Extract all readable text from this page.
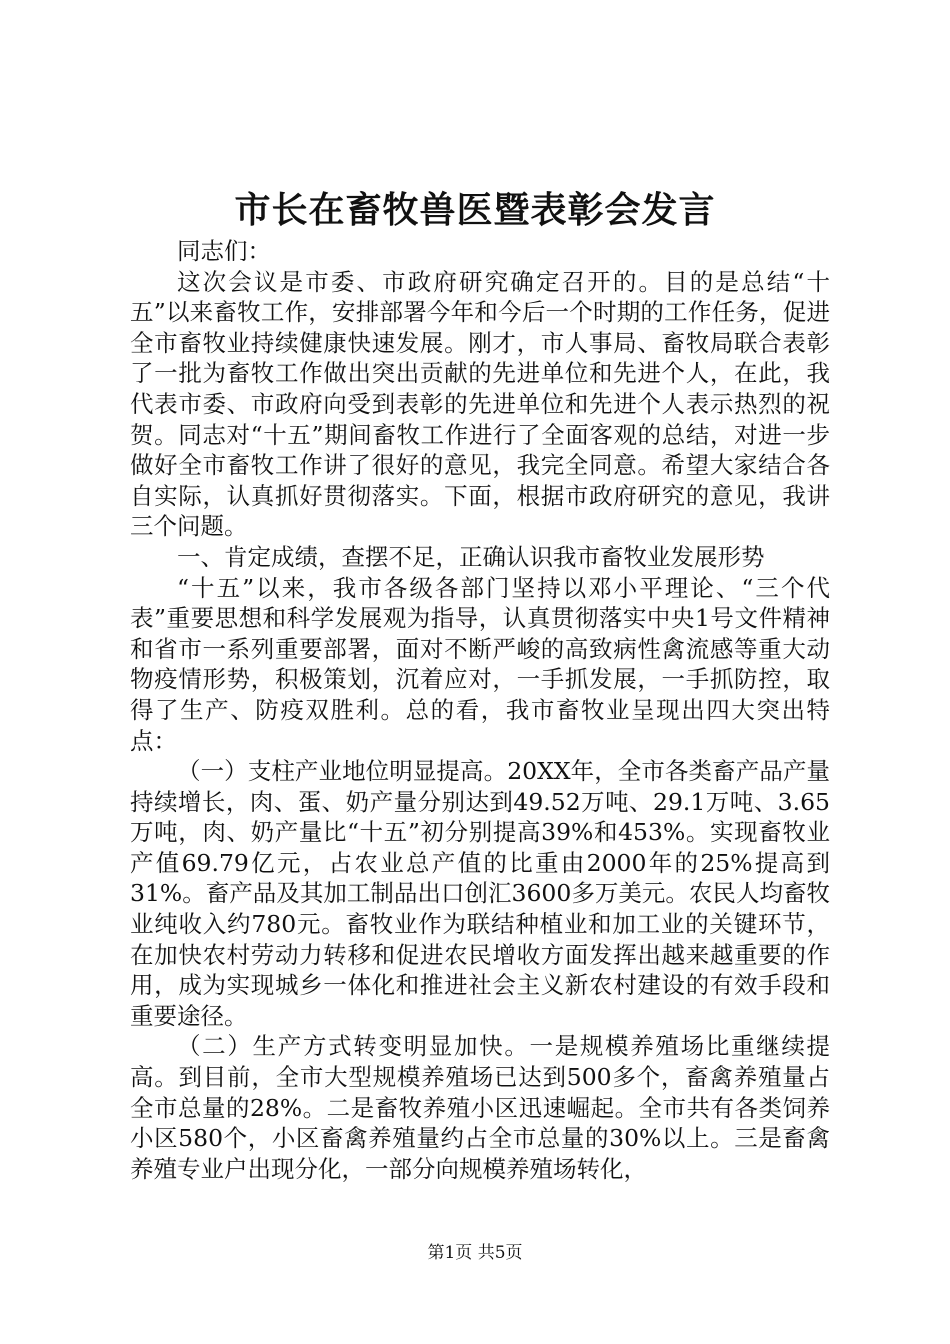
市长在畜牧兽医暨表彰会发言

同志们：

这次会议是市委、市政府研究确定召开的。目的是总结“十五”以来畜牧工作，安排部署今年和今后一个时期的工作任务，促进全市畜牧业持续健康快速发展。刚才，市人事局、畜牧局联合表彰了一批为畜牧工作做出突出贡献的先进单位和先进个人，在此，我代表市委、市政府向受到表彰的先进单位和先进个人表示热烈的祝贺。同志对“十五”期间畜牧工作进行了全面客观的总结，对进一步做好全市畜牧工作讲了很好的意见，我完全同意。希望大家结合各自实际，认真抓好贯彻落实。下面，根据市政府研究的意见，我讲三个问题。

一、肯定成绩，查摆不足，正确认识我市畜牧业发展形势

“十五”以来，我市各级各部门坚持以邓小平理论、“三个代表”重要思想和科学发展观为指导，认真贯彻落实中央1号文件精神和省市一系列重要部署，面对不断严峻的高致病性禽流感等重大动物疫情形势，积极策划，沉着应对，一手抓发展，一手抓防控，取得了生产、防疫双胜利。总的看，我市畜牧业呈现出四大突出特点：

（一）支柱产业地位明显提高。20XX年，全市各类畜产品产量持续增长，肉、蛋、奶产量分别达到49.52万吨、29.1万吨、3.65万吨，肉、奶产量比“十五”初分别提高39%和453%。实现畜牧业产值69.79亿元，占农业总产值的比重由2000年的25%提高到31%。畜产品及其加工制品出口创汇3600多万美元。农民人均畜牧业纯收入约780元。畜牧业作为联结种植业和加工业的关键环节，在加快农村劳动力转移和促进农民增收方面发挥出越来越重要的作用，成为实现城乡一体化和推进社会主义新农村建设的有效手段和重要途径。

（二）生产方式转变明显加快。一是规模养殖场比重继续提高。到目前，全市大型规模养殖场已达到500多个，畜禽养殖量占全市总量的28%。二是畜牧养殖小区迅速崛起。全市共有各类饲养小区580个，小区畜禽养殖量约占全市总量的30%以上。三是畜禽养殖专业户出现分化，一部分向规模养殖场转化，

第1页 共5页
